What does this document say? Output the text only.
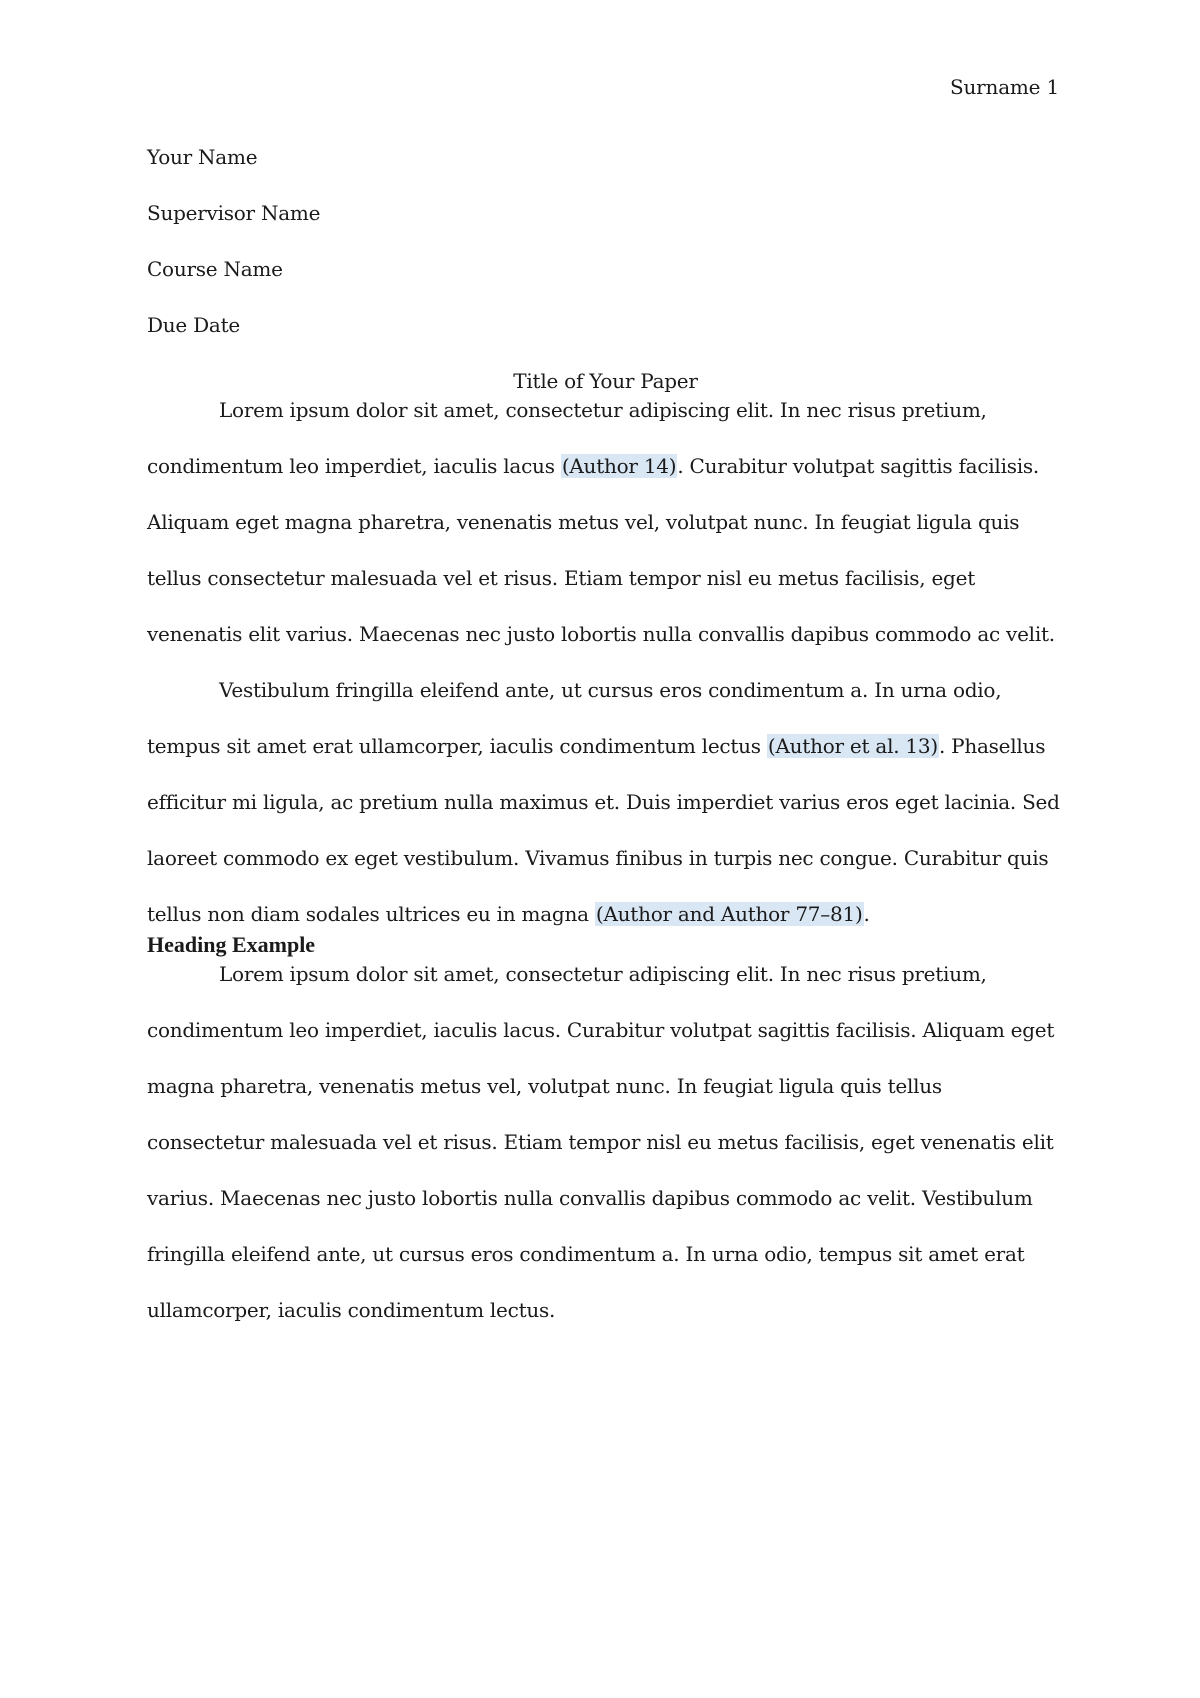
Surname 1
Your Name
Supervisor Name
Course Name
Due Date
Title of Your Paper

Lorem ipsum dolor sit amet, consectetur adipiscing elit. In nec risus pretium, condimentum leo imperdiet, iaculis lacus (Author 14). Curabitur volutpat sagittis facilisis. Aliquam eget magna pharetra, venenatis metus vel, volutpat nunc. In feugiat ligula quis tellus consectetur malesuada vel et risus. Etiam tempor nisl eu metus facilisis, eget venenatis elit varius. Maecenas nec justo lobortis nulla convallis dapibus commodo ac velit.

Vestibulum fringilla eleifend ante, ut cursus eros condimentum a. In urna odio, tempus sit amet erat ullamcorper, iaculis condimentum lectus (Author et al. 13). Phasellus efficitur mi ligula, ac pretium nulla maximus et. Duis imperdiet varius eros eget lacinia. Sed laoreet commodo ex eget vestibulum. Vivamus finibus in turpis nec congue. Curabitur quis tellus non diam sodales ultrices eu in magna (Author and Author 77–81).

Heading Example

Lorem ipsum dolor sit amet, consectetur adipiscing elit. In nec risus pretium, condimentum leo imperdiet, iaculis lacus. Curabitur volutpat sagittis facilisis. Aliquam eget magna pharetra, venenatis metus vel, volutpat nunc. In feugiat ligula quis tellus consectetur malesuada vel et risus. Etiam tempor nisl eu metus facilisis, eget venenatis elit varius. Maecenas nec justo lobortis nulla convallis dapibus commodo ac velit. Vestibulum fringilla eleifend ante, ut cursus eros condimentum a. In urna odio, tempus sit amet erat ullamcorper, iaculis condimentum lectus.
